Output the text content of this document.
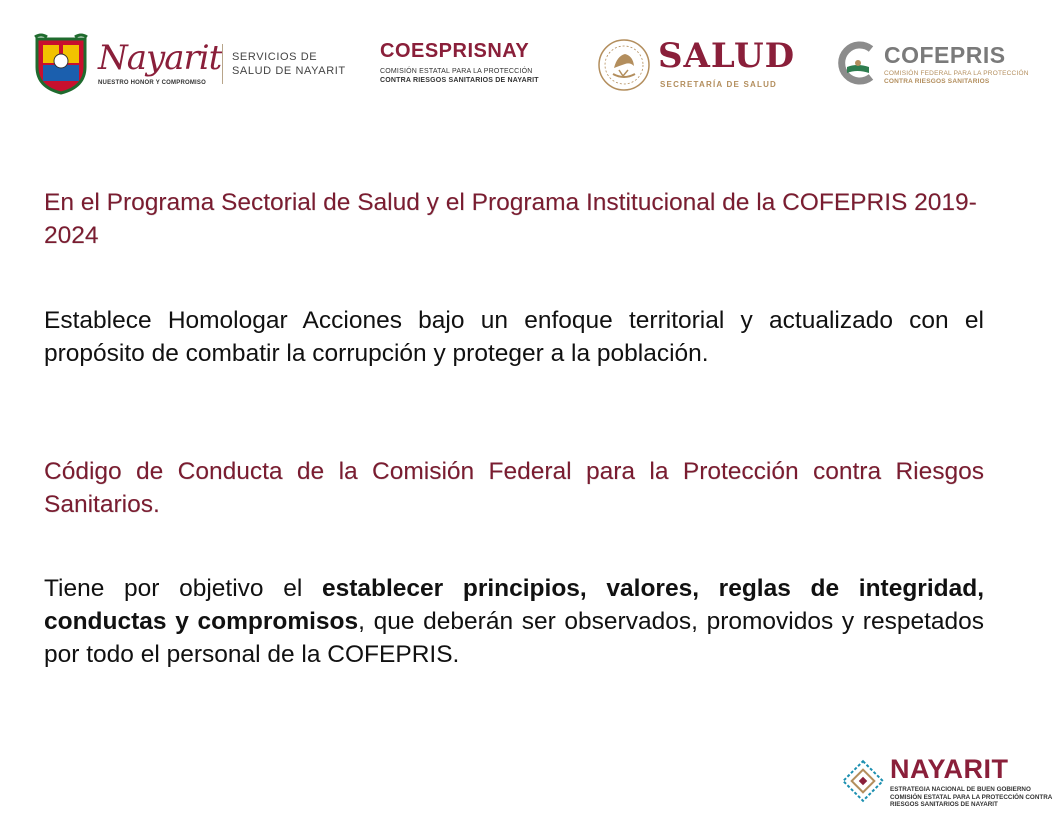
Nayarit
NUESTRO HONOR Y COMPROMISO
SERVICIOS DE
SALUD DE NAYARIT
COESPRISNAY
COMISIÓN ESTATAL PARA LA PROTECCIÓN
CONTRA RIESGOS SANITARIOS DE NAYARIT
SALUD
SECRETARÍA DE SALUD
COFEPRIS
COMISIÓN FEDERAL PARA LA PROTECCIÓN
CONTRA RIESGOS SANITARIOS

En el Programa Sectorial de Salud y el Programa Institucional de la COFEPRIS 2019-2024

Establece Homologar Acciones bajo un enfoque territorial y actualizado con el propósito de combatir la corrupción y proteger a la población.

Código de Conducta de la Comisión Federal para la Protección contra Riesgos Sanitarios.

Tiene por objetivo el establecer principios, valores, reglas de integridad, conductas y compromisos, que deberán ser observados, promovidos y respetados por todo el personal de la COFEPRIS.

NAYARIT
ESTRATEGIA NACIONAL DE BUEN GOBIERNO
COMISIÓN ESTATAL PARA LA PROTECCIÓN CONTRA
RIESGOS SANITARIOS DE NAYARIT
